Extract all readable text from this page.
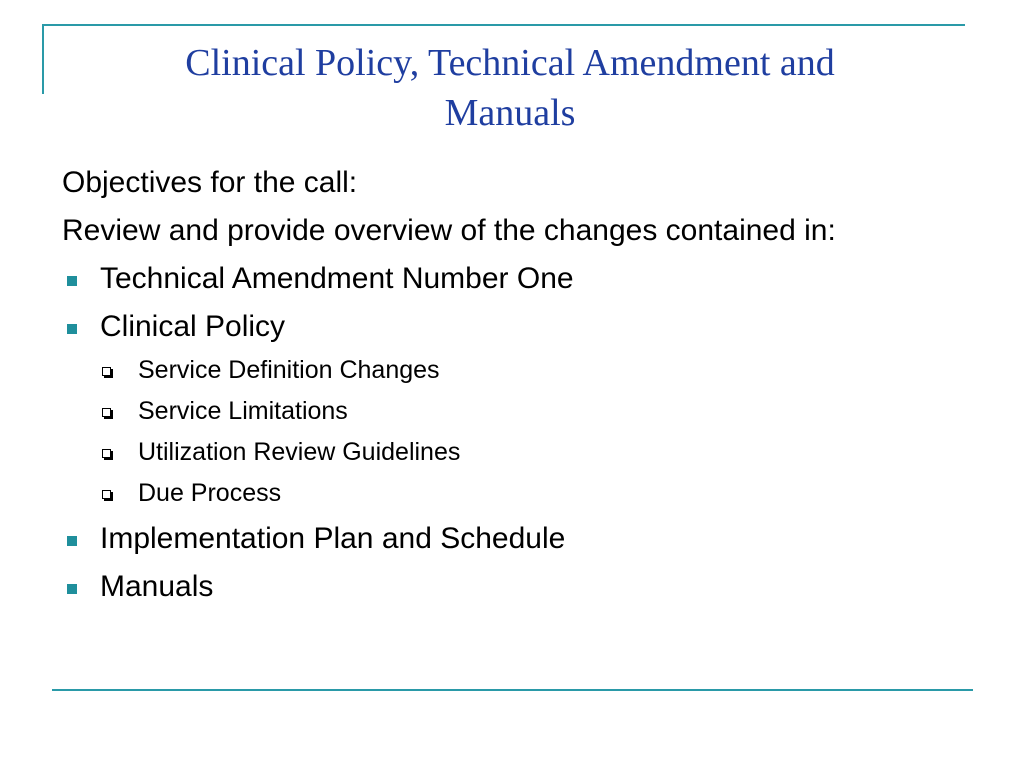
Clinical Policy, Technical Amendment and
Manuals
Objectives for the call:
Review and provide overview of the changes contained in:
Technical Amendment Number One
Clinical Policy
Service Definition Changes
Service Limitations
Utilization Review Guidelines
Due Process
Implementation Plan and Schedule
Manuals
